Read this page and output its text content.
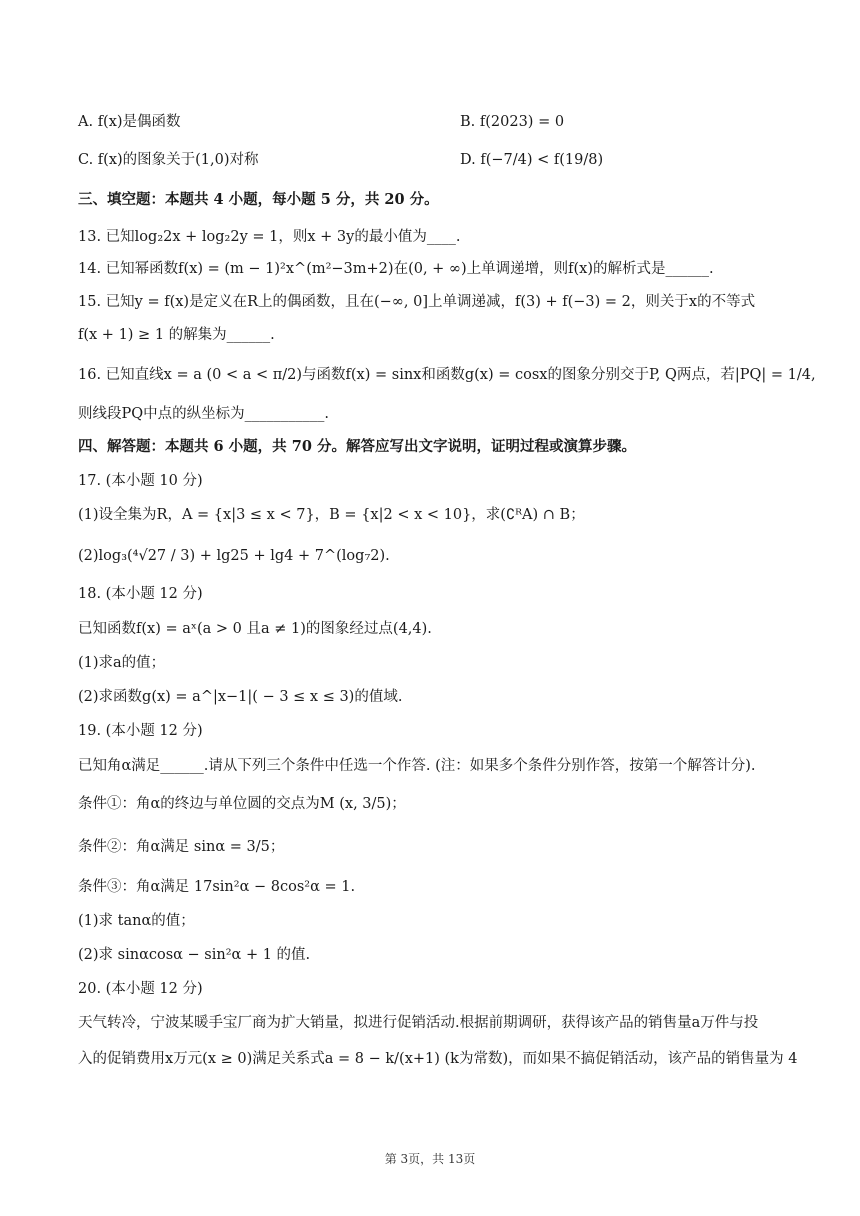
A. f(x)是偶函数	B. f(2023) = 0
C. f(x)的图象关于(1,0)对称	D. f(−7/4) < f(19/8)
三、填空题：本题共 4 小题，每小题 5 分，共 20 分。
13. 已知log₂2x + log₂2y = 1，则x + 3y的最小值为____.
14. 已知幂函数f(x) = (m − 1)²x^(m²−3m+2)在(0, + ∞)上单调递增，则f(x)的解析式是______.
15. 已知y = f(x)是定义在R上的偶函数，且在(−∞, 0]上单调递减，f(3) + f(−3) = 2，则关于x的不等式
f(x + 1) ≥ 1 的解集为______.
16. 已知直线x = a (0 < a < π/2)与函数f(x) = sinx和函数g(x) = cosx的图象分别交于P, Q两点，若|PQ| = 1/4,
则线段PQ中点的纵坐标为___________.
四、解答题：本题共 6 小题，共 70 分。解答应写出文字说明，证明过程或演算步骤。
17. (本小题 10 分)
(1)设全集为R，A = {x|3 ≤ x < 7}，B = {x|2 < x < 10}，求(∁ᴿA) ∩ B；
(2)log₃(⁴√27 / 3) + lg25 + lg4 + 7^(log₇2).
18. (本小题 12 分)
已知函数f(x) = aˣ(a > 0 且a ≠ 1)的图象经过点(4,4).
(1)求a的值；
(2)求函数g(x) = a^|x−1|( − 3 ≤ x ≤ 3)的值域.
19. (本小题 12 分)
已知角α满足______.请从下列三个条件中任选一个作答. (注：如果多个条件分别作答，按第一个解答计分).
条件①：角α的终边与单位圆的交点为M (x, 3/5)；
条件②：角α满足 sinα = 3/5；
条件③：角α满足 17sin²α − 8cos²α = 1.
(1)求 tanα的值；
(2)求 sinαcosα − sin²α + 1 的值.
20. (本小题 12 分)
天气转冷，宁波某暖手宝厂商为扩大销量，拟进行促销活动.根据前期调研，获得该产品的销售量a万件与投
入的促销费用x万元(x ≥ 0)满足关系式a = 8 − k/(x+1) (k为常数)，而如果不搞促销活动，该产品的销售量为 4
第 3页，共 13页
